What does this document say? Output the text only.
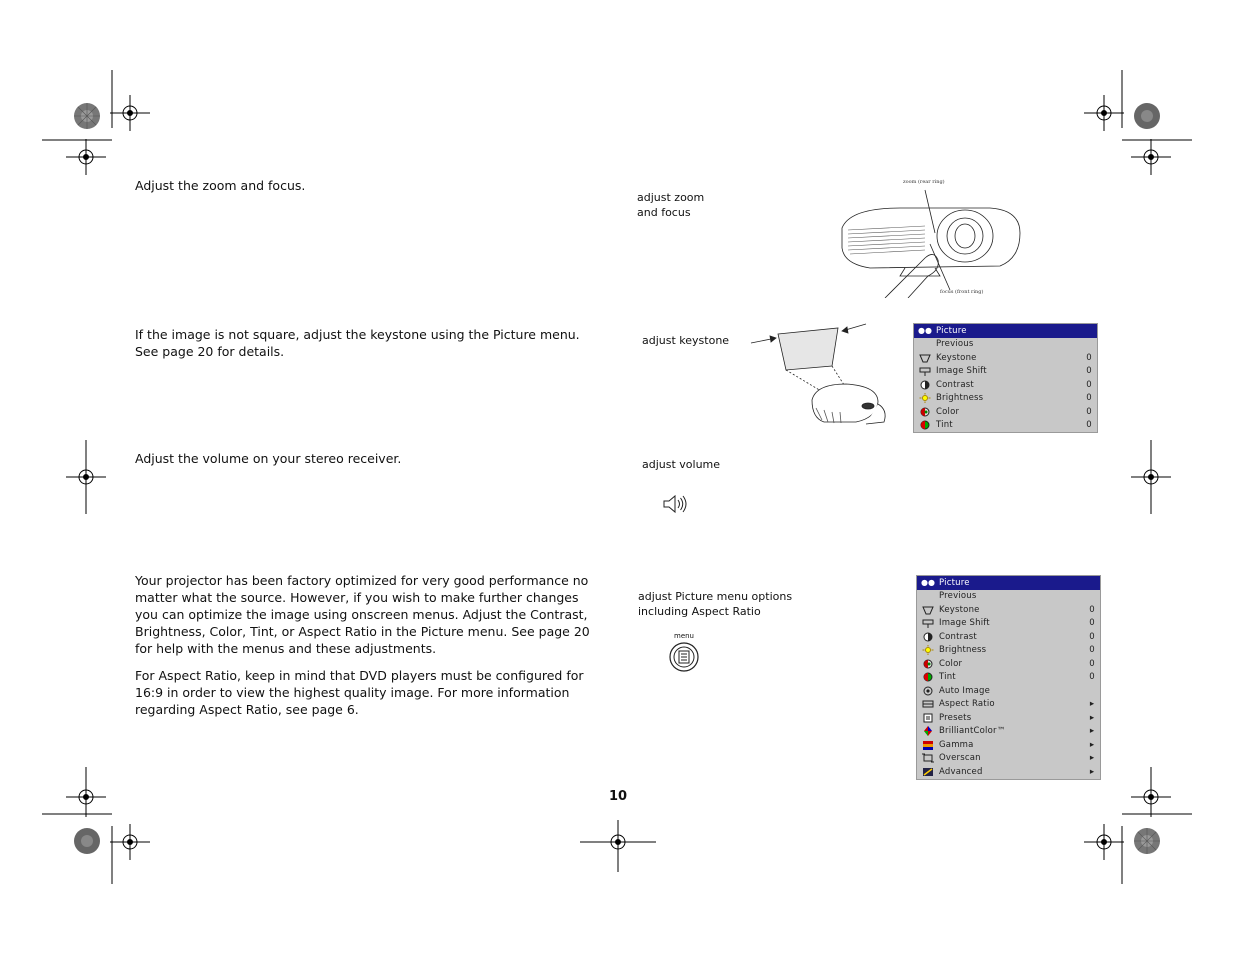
Adjust the zoom and focus.

adjust zoom
and focus
zoom (rear ring)
focus (front ring)

If the image is not square, adjust the keystone using the Picture menu. See page 20 for details.

adjust keystone
●● Picture
Previous
Keystone	0
Image Shift	0
Contrast	0
Brightness	0
Color	0
Tint	0

Adjust the volume on your stereo receiver.	adjust volume

Your projector has been factory optimized for very good performance no matter what the source. However, if you wish to make further changes you can optimize the image using onscreen menus. Adjust the Contrast, Brightness, Color, Tint, or Aspect Ratio in the Picture menu. See page 20 for help with the menus and these adjustments.

For Aspect Ratio, keep in mind that DVD players must be configured for 16:9 in order to view the highest quality image. For more information regarding Aspect Ratio, see page 6.

adjust Picture menu options
including Aspect Ratio
menu
●● Picture
Previous
Keystone	0
Image Shift	0
Contrast	0
Brightness	0
Color	0
Tint	0
Auto Image
Aspect Ratio	▸
Presets	▸
BrilliantColor™	▸
Gamma	▸
Overscan	▸
Advanced	▸
10
